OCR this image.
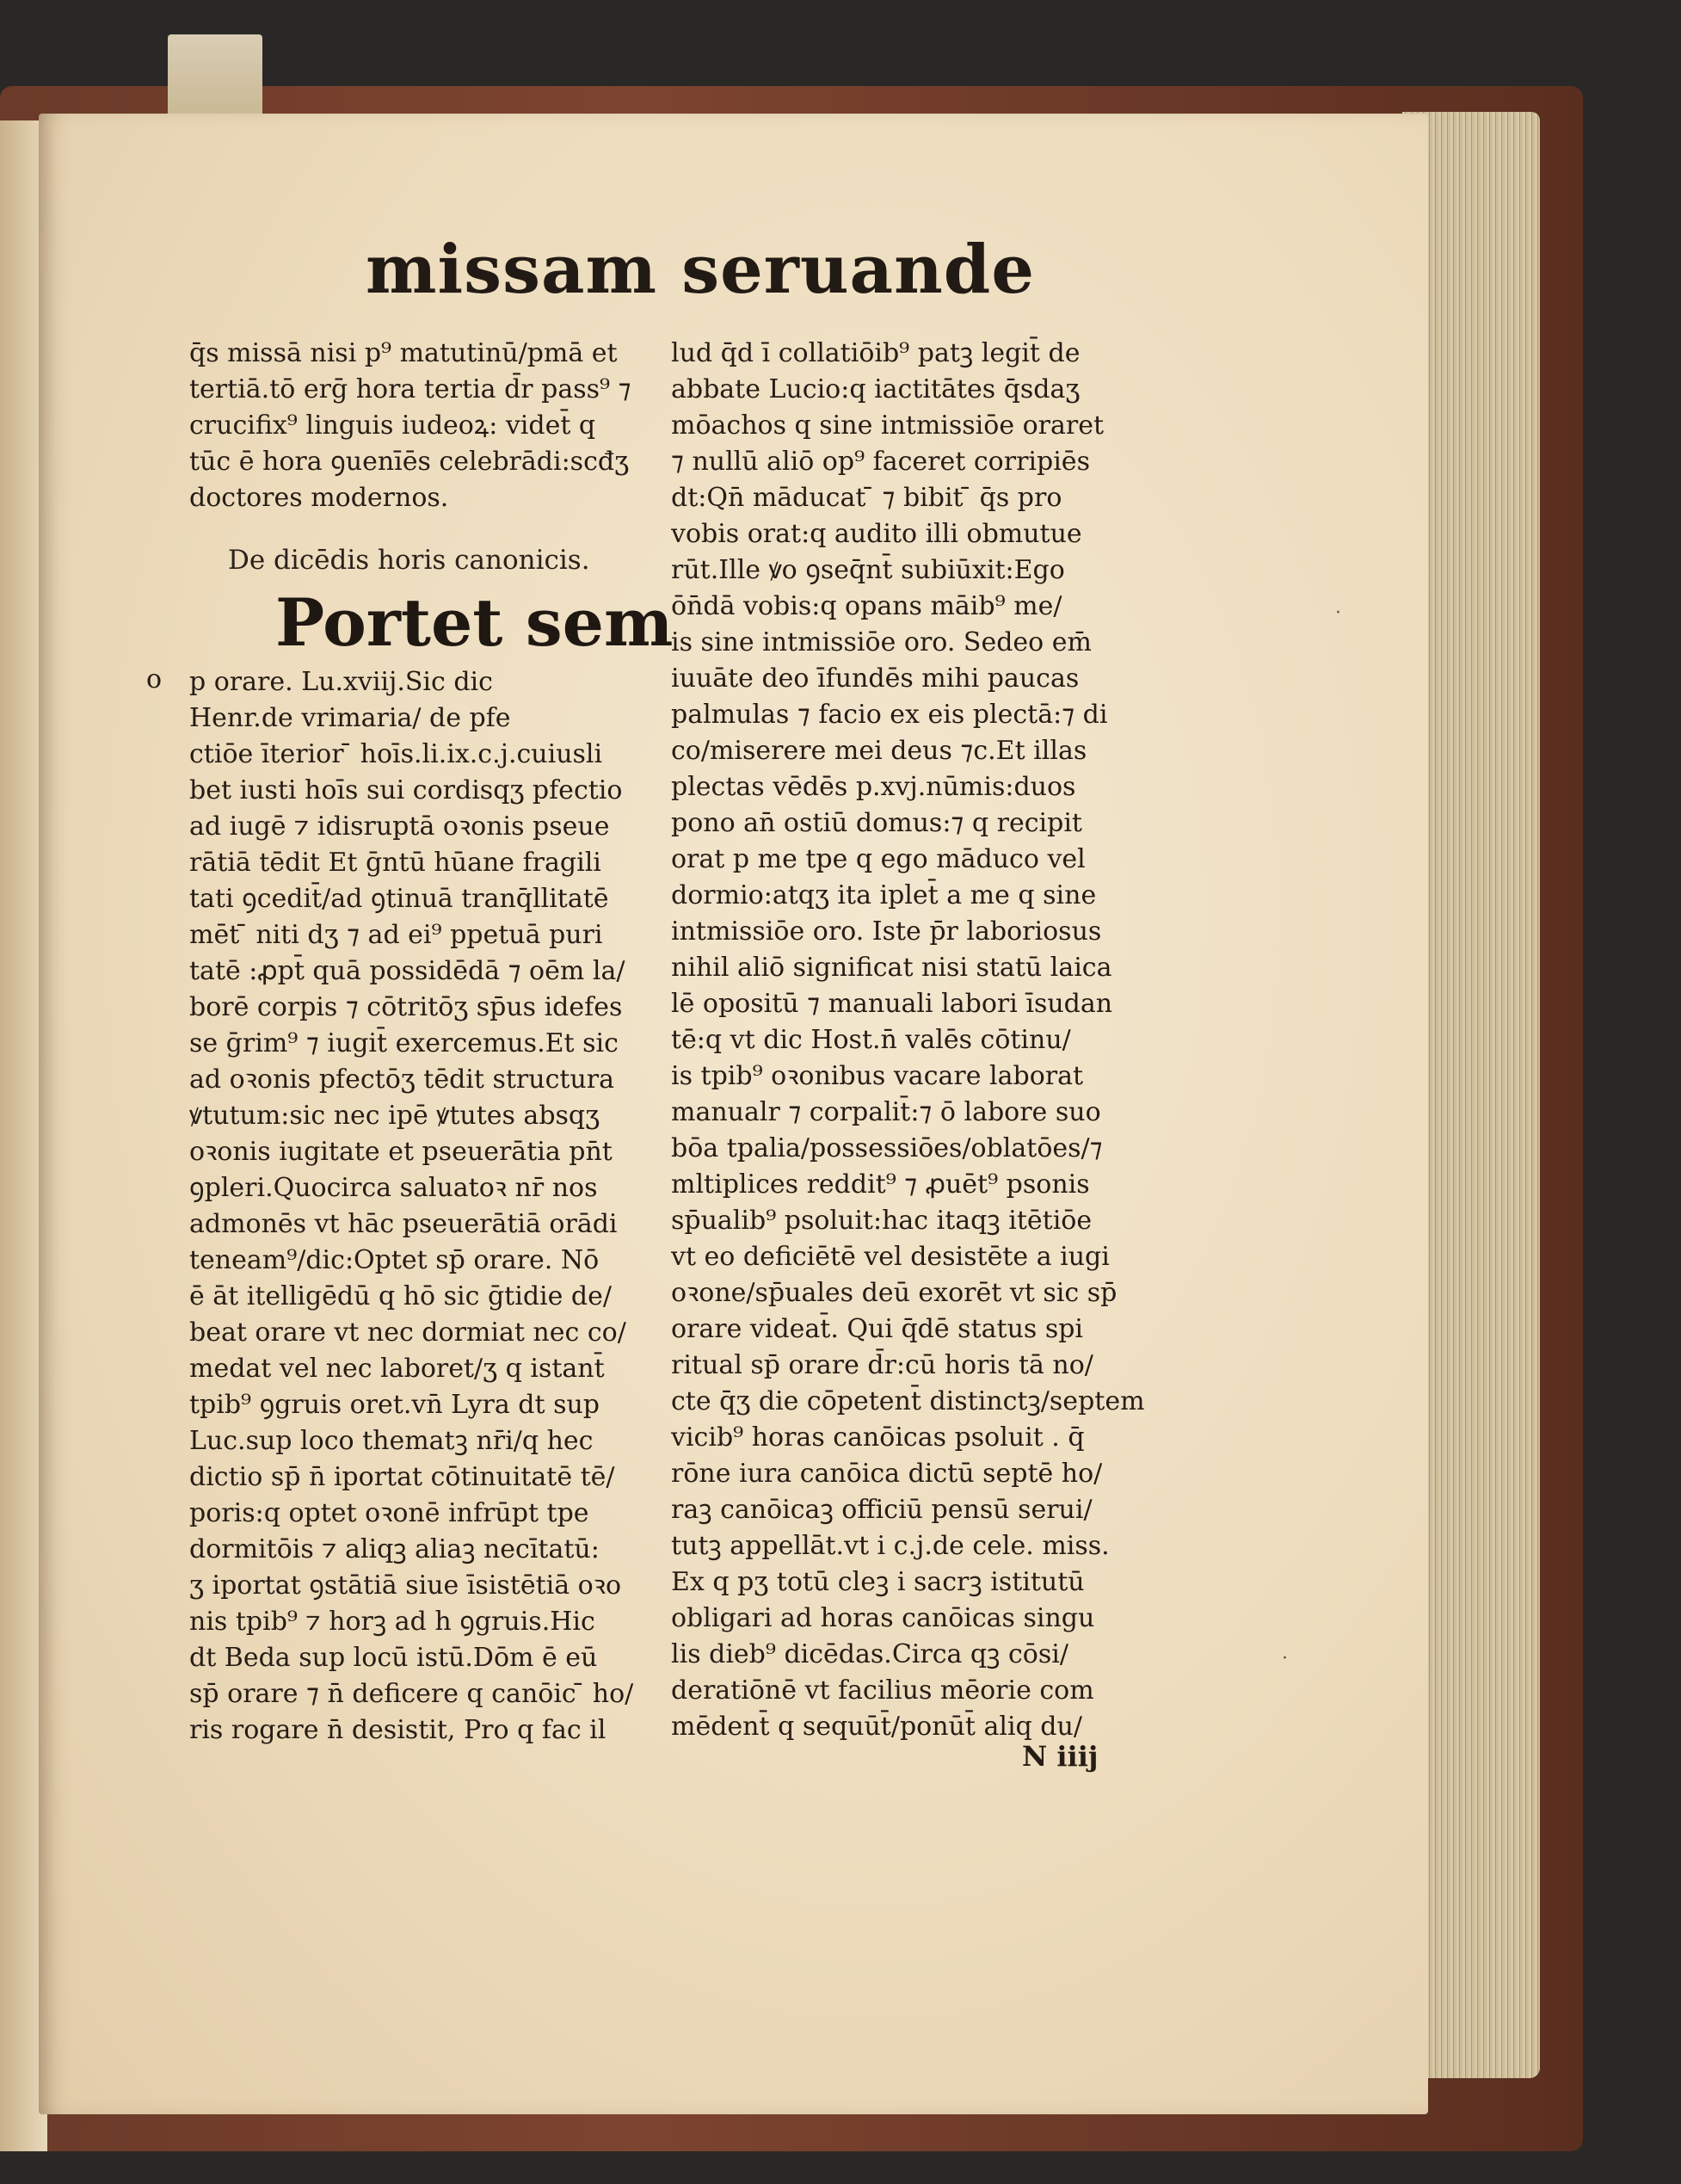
missam seruande
q̄s missā nisi p⁹ matutinū/pmā et
tertiā.tō erḡ hora tertia d̄r pass⁹ ⁊
crucifix⁹ linguis iudeoꝝ: videt̄ q
tūc ē hora ꝯuenīēs celebrādi:scđʒ
doctores modernos.
De dicēdis horis canonicis.
Portet sem
p orare. Lu.xviij.Sic dic
Henr.de vrimaria/ de pfe
ctiōe īterior ̄ hoīs.li.ix.c.j.cuiusli
bet iusti hoīs sui cordisqʒ pfectio
ad iugē ⁊ idisruptā oꝛonis pseue
rātiā tēdit Et ḡntū hūane fragili
tati ꝯcedit̄/ad ꝯtinuā tranq̄llitatē
mēt ̄ niti dʒ ⁊ ad ei⁹ ppetuā puri
tatē :ꝓpt̄ quā possidēdā ⁊ oēm la/
borē corpis ⁊ cōtritōʒ sp̄us idefes
se ḡrim⁹ ⁊ iugit̄ exercemus.Et sic
ad oꝛonis pfectōʒ tēdit structura
ꝟtutum:sic nec ipē ꝟtutes absqʒ
oꝛonis iugitate et pseuerātia pn̄t
ꝯpleri.Quocirca saluatoꝛ nr̄ nos
admonēs vt hāc pseuerātiā orādi
teneam⁹/dic:Optet sp̄ orare. Nō
ē āt itelligēdū q hō sic ḡtidie de/
beat orare vt nec dormiat nec co/
medat vel nec laboret/ʒ q istant̄
tpib⁹ ꝯgruis oret.vn̄ Lyra dt sup
Luc.sup loco thematꝫ nr̄i/q hec
dictio sp̄ n̄ iportat cōtinuitatē tē/
poris:q optet oꝛonē infrūpt tpe
dormitōis ⁊ aliqꝫ aliaꝫ necītatū:
ʒ iportat ꝯstātiā siue īsistētiā oꝛo
nis tpib⁹ ⁊ horꝫ ad h ꝯgruis.Hic
dt Beda sup locū istū.Dōm ē eū
sp̄ orare ⁊ n̄ deficere q canōic ̄ ho/
ris rogare n̄ desistit, Pro q fac il
o
lud q̄d ī collatiōib⁹ patꝫ legit̄ de
abbate Lucio:q iactitātes q̄sdaʒ
mōachos q sine intmissiōe oraret
⁊ nullū aliō op⁹ faceret corripiēs
dt:Qn̄ māducat ̄ ⁊ bibit ̄ q̄s pro
vobis orat:q audito illi obmutue
rūt.Ille ꝟo ꝯseq̄nt̄ subiūxit:Ego
ōn̄dā vobis:q opans māib⁹ me/
is sine intmissiōe oro. Sedeo em̄
iuuāte deo īfundēs mihi paucas
palmulas ⁊ facio ex eis plectā:⁊ di
co/miserere mei deus ⁊c.Et illas
plectas vēdēs p.xvj.nūmis:duos
pono an̄ ostiū domus:⁊ q recipit
orat p me tpe q ego māduco vel
dormio:atqʒ ita iplet̄ a me q sine
intmissiōe oro. Iste p̄r laboriosus
nihil aliō significat nisi statū laica
lē opositū ⁊ manuali labori īsudan
tē:q vt dic Host.n̄ valēs cōtinu/
is tpib⁹ oꝛonibus vacare laborat
manualr ⁊ corpalit̄:⁊ ō labore suo
bōa tpalia/possessiōes/oblatōes/⁊
mltiplices reddit⁹ ⁊ ꝓuēt⁹ psonis
sp̄ualib⁹ psoluit:hac itaqꝫ itētiōe
vt eo deficiētē vel desistēte a iugi
oꝛone/sp̄uales deū exorēt vt sic sp̄
orare videat̄. Qui q̄dē status spi
ritual sp̄ orare d̄r:cū horis tā no/
cte q̄ʒ die cōpetent̄ distinctꝫ/septem
vicib⁹ horas canōicas psoluit . q̄
rōne iura canōica dictū septē ho/
raꝫ canōicaꝫ officiū pensū serui/
tutꝫ appellāt.vt i c.j.de cele. miss.
Ex q pʒ totū cleꝫ i sacrꝫ istitutū
obligari ad horas canōicas singu
lis dieb⁹ dicēdas.Circa qꝫ cōsi/
deratiōnē vt facilius mēorie com
mēdent̄ q sequūt̄/ponūt̄ aliq du/
N iiij
·
·
